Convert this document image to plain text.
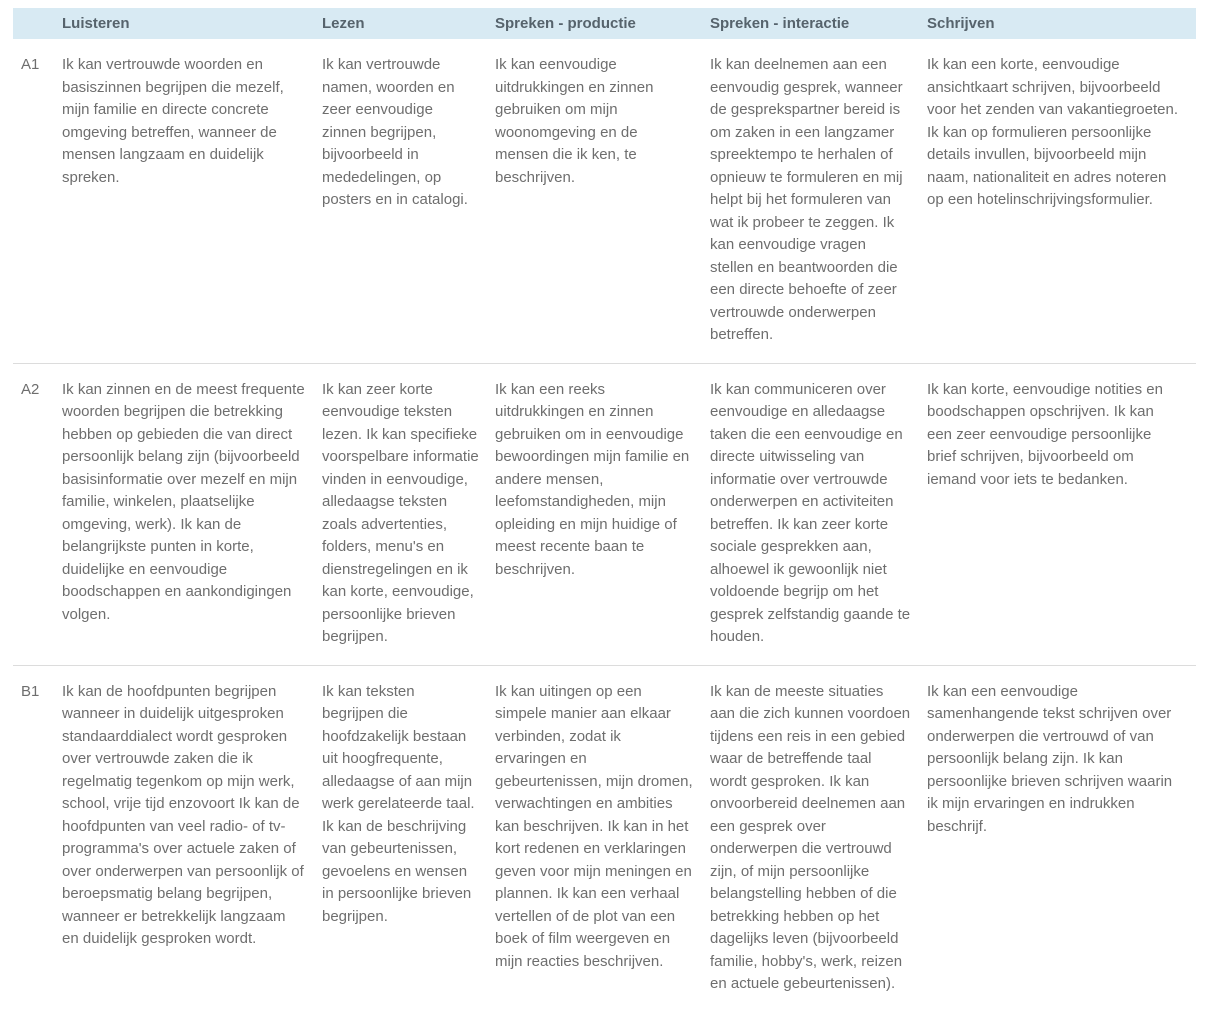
	Luisteren	Lezen	Spreken - productie	Spreken - interactie	Schrijven
A1	Ik kan vertrouwde woorden en basiszinnen begrijpen die mezelf, mijn familie en directe concrete omgeving betreffen, wanneer de mensen langzaam en duidelijk spreken.	Ik kan vertrouwde namen, woorden en zeer eenvoudige zinnen begrijpen, bijvoorbeeld in mededelingen, op posters en in catalogi.	Ik kan eenvoudige uitdrukkingen en zinnen gebruiken om mijn woonomgeving en de mensen die ik ken, te beschrijven.	Ik kan deelnemen aan een eenvoudig gesprek, wanneer de gesprekspartner bereid is om zaken in een langzamer spreektempo te herhalen of opnieuw te formuleren en mij helpt bij het formuleren van wat ik probeer te zeggen. Ik kan eenvoudige vragen stellen en beantwoorden die een directe behoefte of zeer vertrouwde onderwerpen betreffen.	Ik kan een korte, eenvoudige ansichtkaart schrijven, bijvoorbeeld voor het zenden van vakantiegroeten. Ik kan op formulieren persoonlijke details invullen, bijvoorbeeld mijn naam, nationaliteit en adres noteren op een hotelinschrijvingsformulier.
A2	Ik kan zinnen en de meest frequente woorden begrijpen die betrekking hebben op gebieden die van direct persoonlijk belang zijn (bijvoorbeeld basisinformatie over mezelf en mijn familie, winkelen, plaatselijke omgeving, werk). Ik kan de belangrijkste punten in korte, duidelijke en eenvoudige boodschappen en aankondigingen volgen.	Ik kan zeer korte eenvoudige teksten lezen. Ik kan specifieke voorspelbare informatie vinden in eenvoudige, alledaagse teksten zoals advertenties, folders, menu's en dienstregelingen en ik kan korte, eenvoudige, persoonlijke brieven begrijpen.	Ik kan een reeks uitdrukkingen en zinnen gebruiken om in eenvoudige bewoordingen mijn familie en andere mensen, leefomstandigheden, mijn opleiding en mijn huidige of meest recente baan te beschrijven.	Ik kan communiceren over eenvoudige en alledaagse taken die een eenvoudige en directe uitwisseling van informatie over vertrouwde onderwerpen en activiteiten betreffen. Ik kan zeer korte sociale gesprekken aan, alhoewel ik gewoonlijk niet voldoende begrijp om het gesprek zelfstandig gaande te houden.	Ik kan korte, eenvoudige notities en boodschappen opschrijven. Ik kan een zeer eenvoudige persoonlijke brief schrijven, bijvoorbeeld om iemand voor iets te bedanken.
B1	Ik kan de hoofdpunten begrijpen wanneer in duidelijk uitgesproken standaarddialect wordt gesproken over vertrouwde zaken die ik regelmatig tegenkom op mijn werk, school, vrije tijd enzovoort Ik kan de hoofdpunten van veel radio- of tv-programma's over actuele zaken of over onderwerpen van persoonlijk of beroepsmatig belang begrijpen, wanneer er betrekkelijk langzaam en duidelijk gesproken wordt.	Ik kan teksten begrijpen die hoofdzakelijk bestaan uit hoogfrequente, alledaagse of aan mijn werk gerelateerde taal. Ik kan de beschrijving van gebeurtenissen, gevoelens en wensen in persoonlijke brieven begrijpen.	Ik kan uitingen op een simpele manier aan elkaar verbinden, zodat ik ervaringen en gebeurtenissen, mijn dromen, verwachtingen en ambities kan beschrijven. Ik kan in het kort redenen en verklaringen geven voor mijn meningen en plannen. Ik kan een verhaal vertellen of de plot van een boek of film weergeven en mijn reacties beschrijven.	Ik kan de meeste situaties aan die zich kunnen voordoen tijdens een reis in een gebied waar de betreffende taal wordt gesproken. Ik kan onvoorbereid deelnemen aan een gesprek over onderwerpen die vertrouwd zijn, of mijn persoonlijke belangstelling hebben of die betrekking hebben op het dagelijks leven (bijvoorbeeld familie, hobby's, werk, reizen en actuele gebeurtenissen).	Ik kan een eenvoudige samenhangende tekst schrijven over onderwerpen die vertrouwd of van persoonlijk belang zijn. Ik kan persoonlijke brieven schrijven waarin ik mijn ervaringen en indrukken beschrijf.
